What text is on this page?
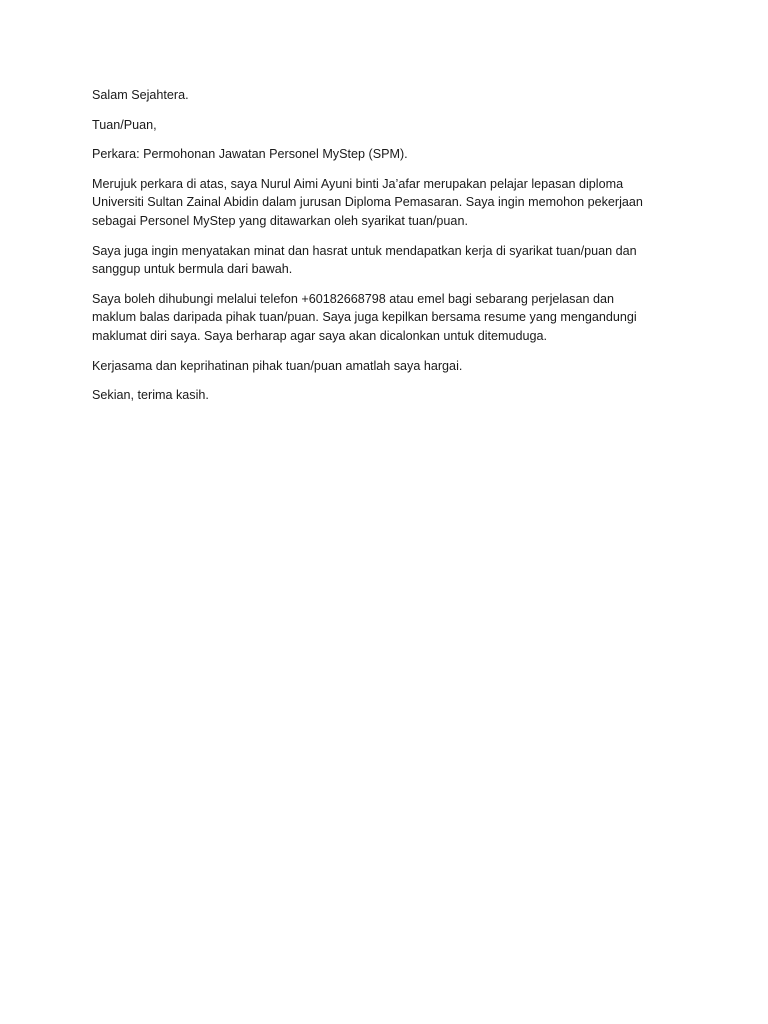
Salam Sejahtera.

Tuan/Puan,

Perkara: Permohonan Jawatan Personel MyStep (SPM).

Merujuk perkara di atas, saya Nurul Aimi Ayuni binti Ja’afar merupakan pelajar lepasan diploma
Universiti Sultan Zainal Abidin dalam jurusan Diploma Pemasaran. Saya ingin memohon pekerjaan
sebagai Personel MyStep yang ditawarkan oleh syarikat tuan/puan.

Saya juga ingin menyatakan minat dan hasrat untuk mendapatkan kerja di syarikat tuan/puan dan
sanggup untuk bermula dari bawah.

Saya boleh dihubungi melalui telefon +60182668798 atau emel bagi sebarang perjelasan dan
maklum balas daripada pihak tuan/puan. Saya juga kepilkan bersama resume yang mengandungi
maklumat diri saya. Saya berharap agar saya akan dicalonkan untuk ditemuduga.

Kerjasama dan keprihatinan pihak tuan/puan amatlah saya hargai.

Sekian, terima kasih.
